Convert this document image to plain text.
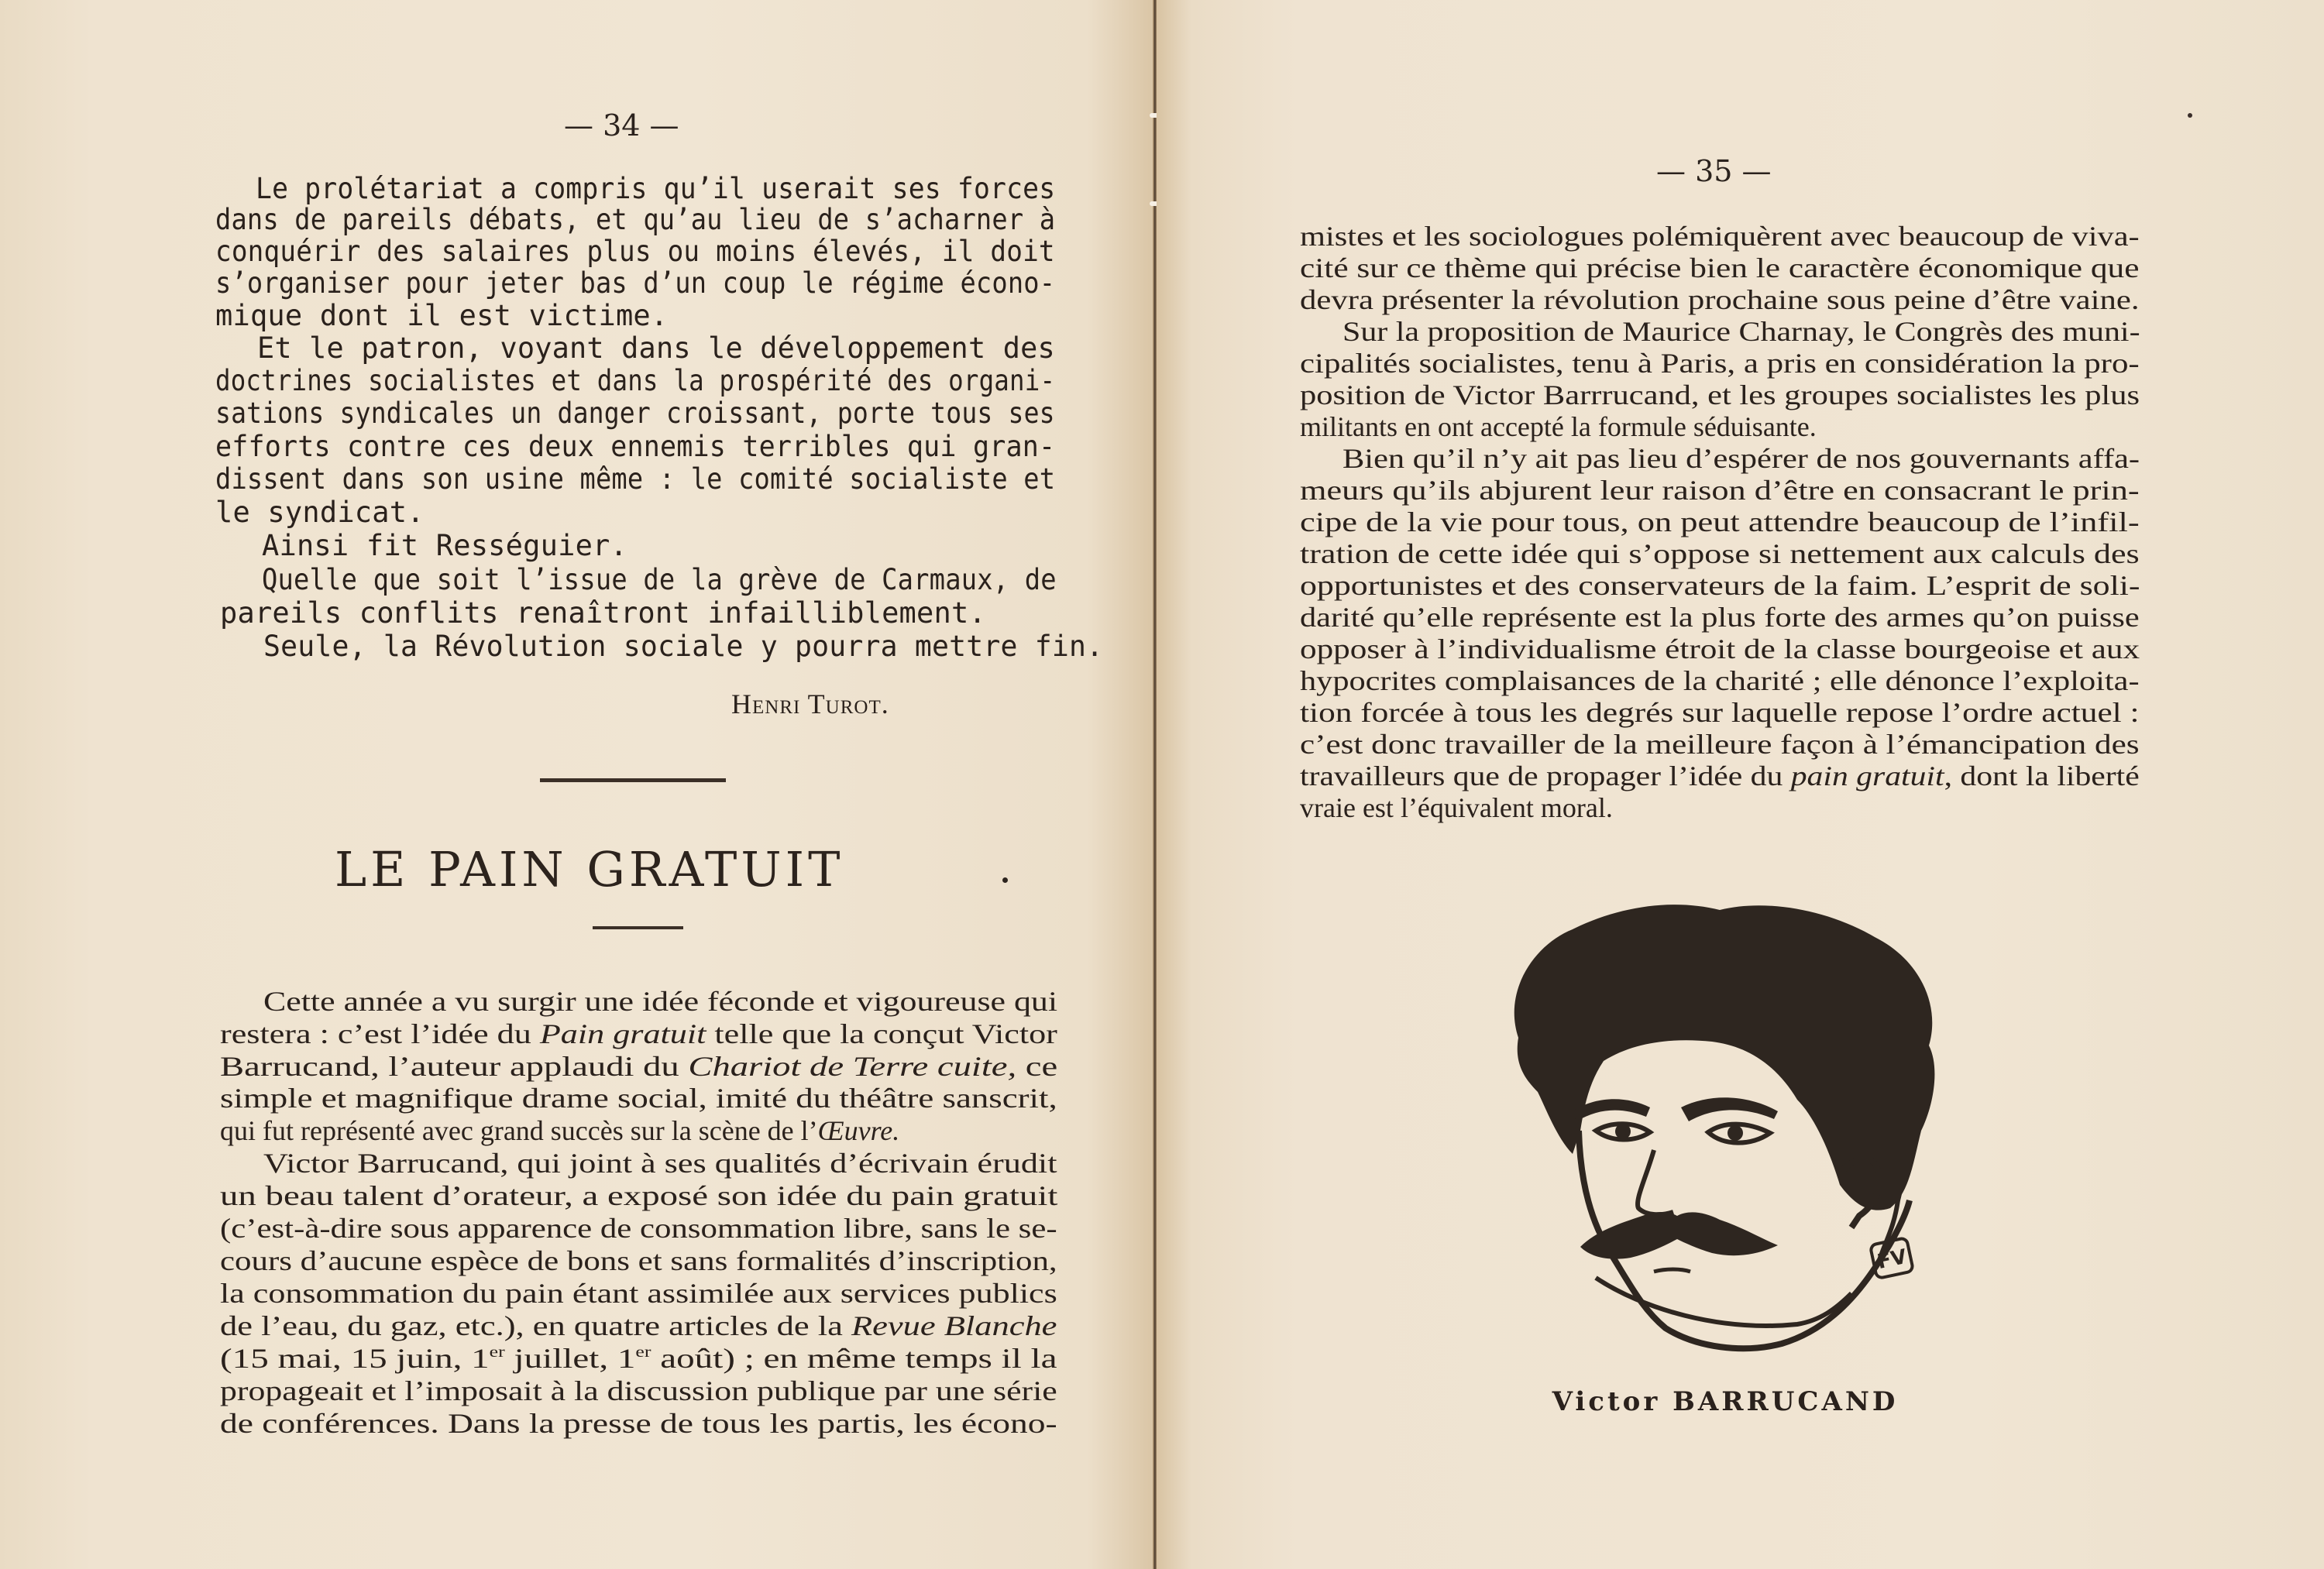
— 34 —
Le prolétariat a compris qu’il userait ses forces
dans de pareils débats, et qu’au lieu de s’acharner à
conquérir des salaires plus ou moins élevés, il doit
s’organiser pour jeter bas d’un coup le régime écono-
mique dont il est victime.
Et le patron, voyant dans le développement des
doctrines socialistes et dans la prospérité des organi-
sations syndicales un danger croissant, porte tous ses
efforts contre ces deux ennemis terribles qui gran-
dissent dans son usine même : le comité socialiste et
le syndicat.
Ainsi fit Rességuier.
Quelle que soit l’issue de la grève de Carmaux, de
pareils conflits renaîtront infailliblement.
Seule, la Révolution sociale y pourra mettre fin.
Henri Turot.
LE PAIN GRATUIT
Cette année a vu surgir une idée féconde et vigoureuse qui
restera : c’est l’idée du Pain gratuit telle que la conçut Victor
Barrucand, l’auteur applaudi du Chariot de Terre cuite, ce
simple et magnifique drame social, imité du théâtre sanscrit,
qui fut représenté avec grand succès sur la scène de l’Œuvre.
Victor Barrucand, qui joint à ses qualités d’écrivain érudit
un beau talent d’orateur, a exposé son idée du pain gratuit
(c’est-à-dire sous apparence de consommation libre, sans le se-
cours d’aucune espèce de bons et sans formalités d’inscription,
la consommation du pain étant assimilée aux services publics
de l’eau, du gaz, etc.), en quatre articles de la Revue Blanche
(15 mai, 15 juin, 1er juillet, 1er août) ; en même temps il la
propageait et l’imposait à la discussion publique par une série
de conférences. Dans la presse de tous les partis, les écono-
— 35 —
mistes et les sociologues polémiquèrent avec beaucoup de viva-
cité sur ce thème qui précise bien le caractère économique que
devra présenter la révolution prochaine sous peine d’être vaine.
Sur la proposition de Maurice Charnay, le Congrès des muni-
cipalités socialistes, tenu à Paris, a pris en considération la pro-
position de Victor Barrrucand, et les groupes socialistes les plus
militants en ont accepté la formule séduisante.
Bien qu’il n’y ait pas lieu d’espérer de nos gouvernants affa-
meurs qu’ils abjurent leur raison d’être en consacrant le prin-
cipe de la vie pour tous, on peut attendre beaucoup de l’infil-
tration de cette idée qui s’oppose si nettement aux calculs des
opportunistes et des conservateurs de la faim. L’esprit de soli-
darité qu’elle représente est la plus forte des armes qu’on puisse
opposer à l’individualisme étroit de la classe bourgeoise et aux
hypocrites complaisances de la charité ; elle dénonce l’exploita-
tion forcée à tous les degrés sur laquelle repose l’ordre actuel :
c’est donc travailler de la meilleure façon à l’émancipation des
travailleurs que de propager l’idée du pain gratuit, dont la liberté
vraie est l’équivalent moral.
FV
Victor BARRUCAND
